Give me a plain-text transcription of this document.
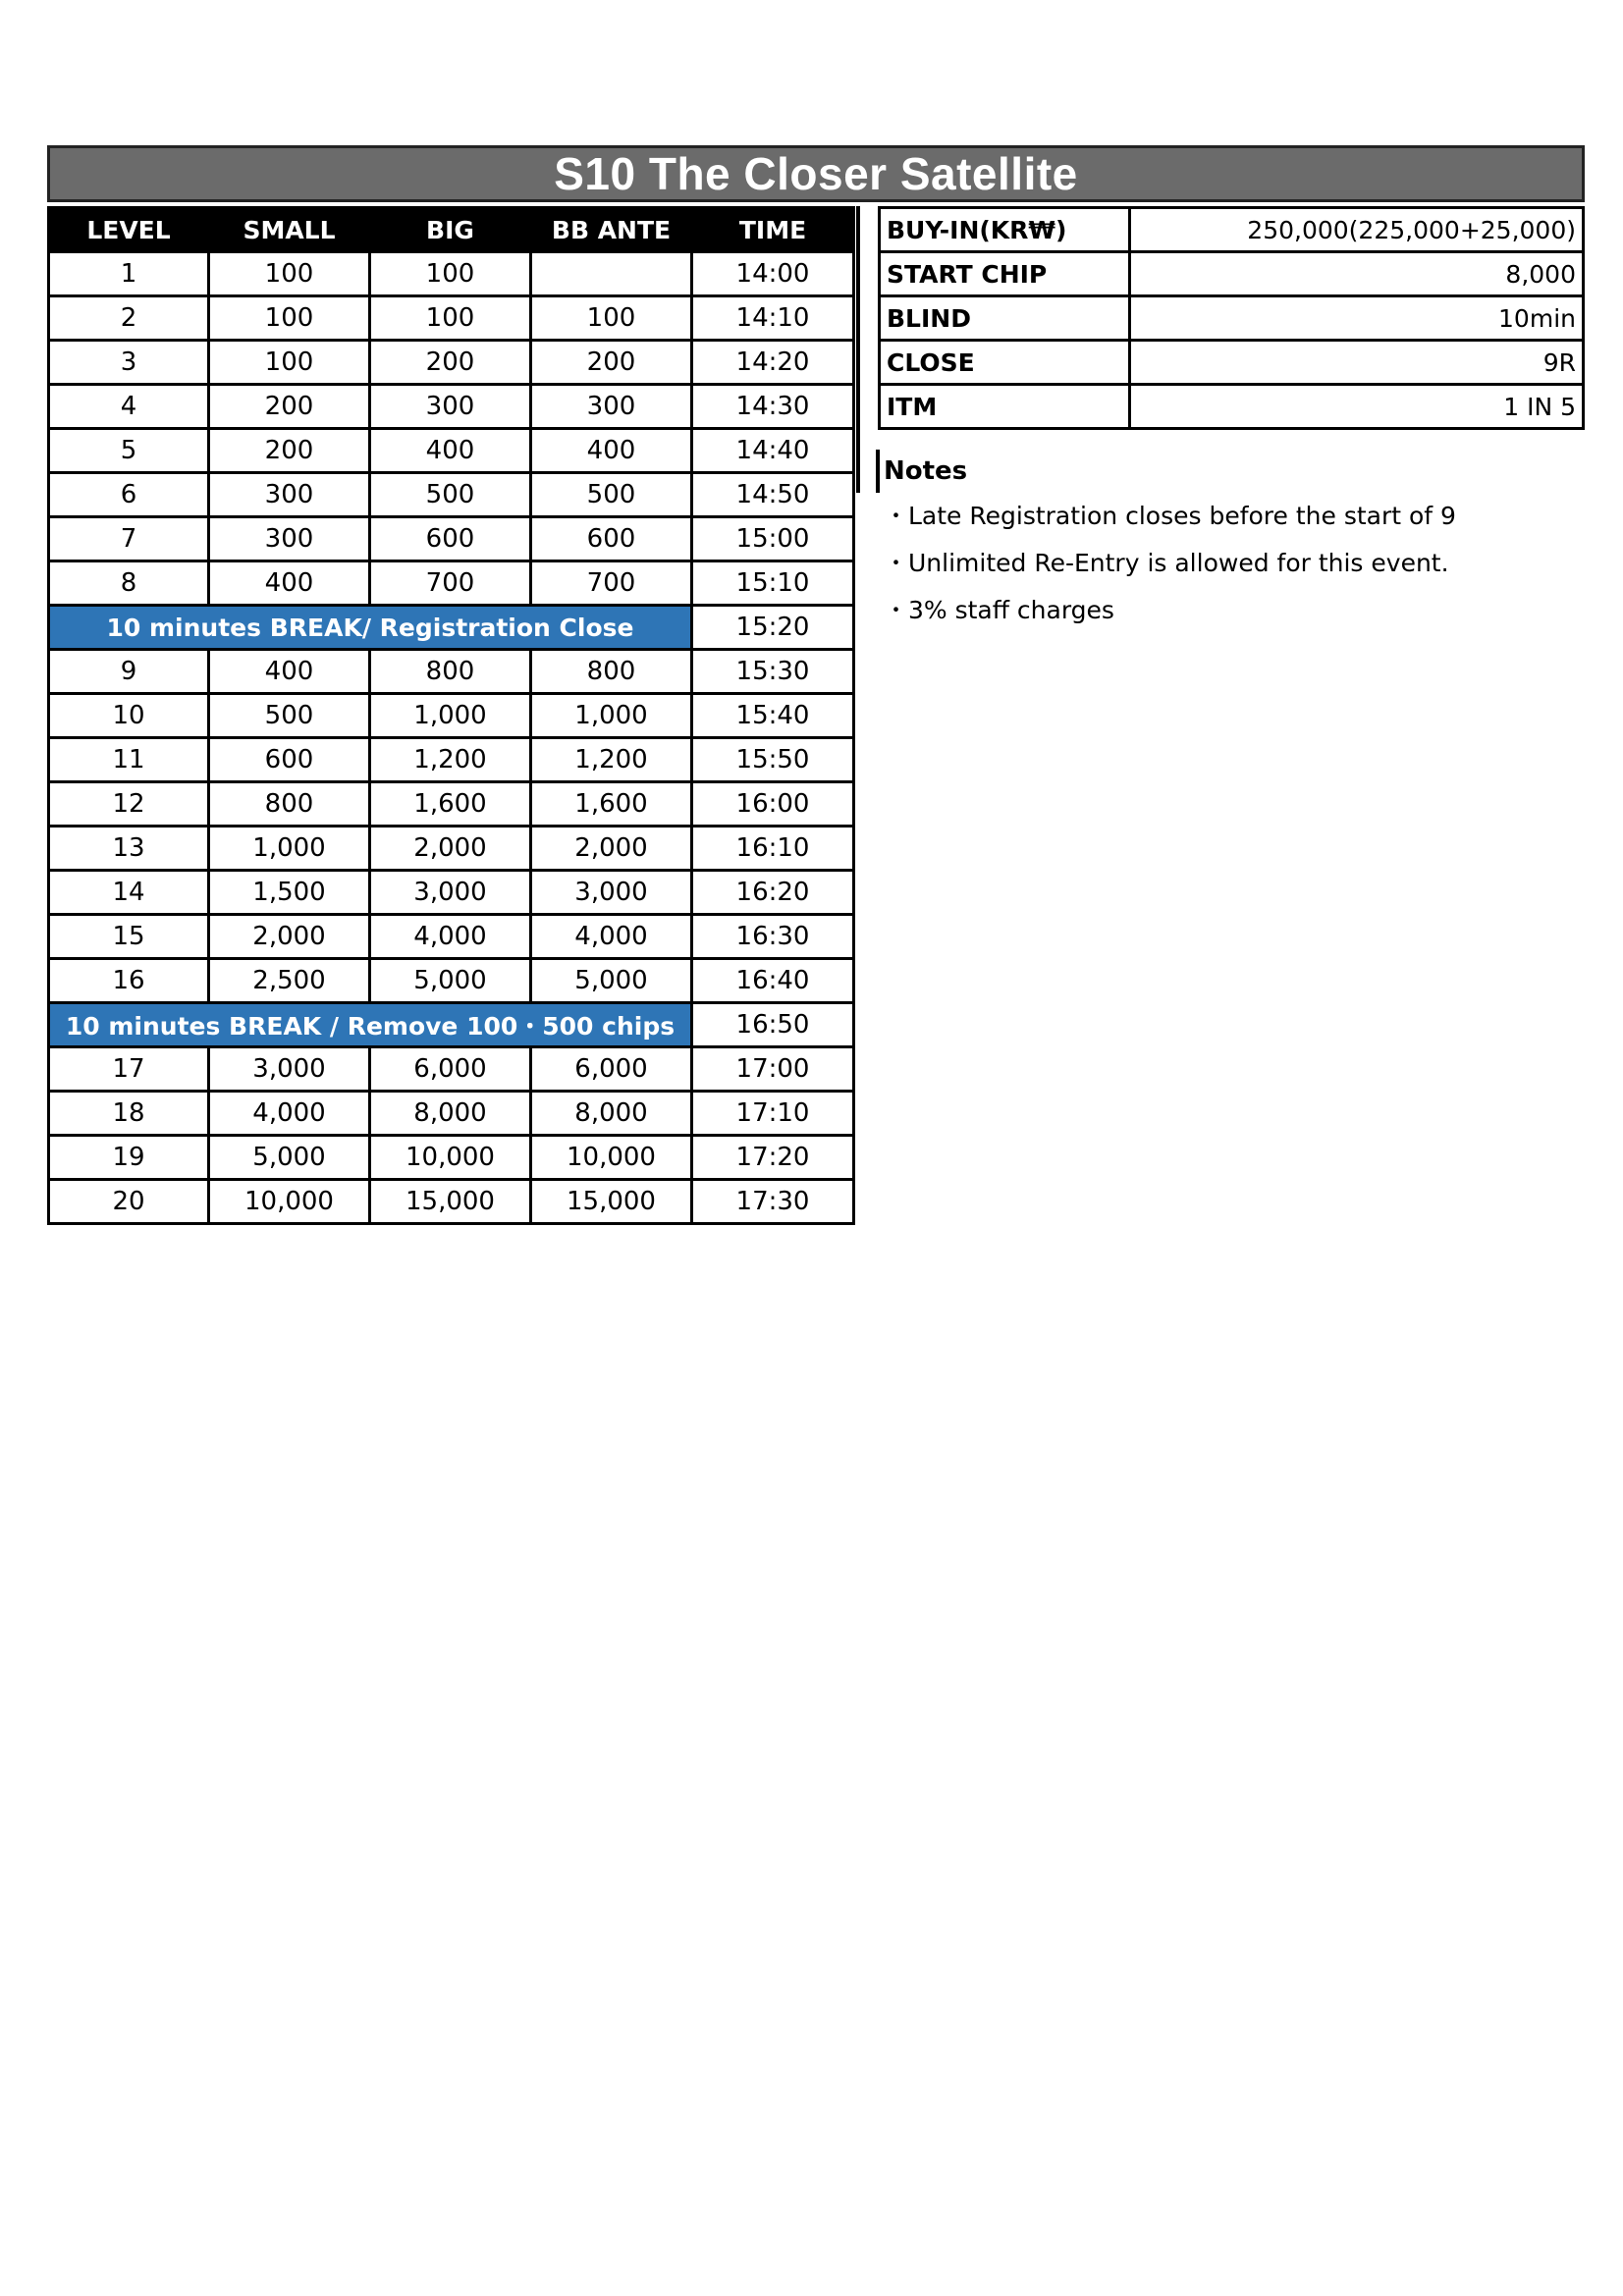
S10 The Closer Satellite
LEVEL	SMALL	BIG	BB ANTE	TIME
1	100	100		14:00
2	100	100	100	14:10
3	100	200	200	14:20
4	200	300	300	14:30
5	200	400	400	14:40
6	300	500	500	14:50
7	300	600	600	15:00
8	400	700	700	15:10
10 minutes BREAK/ Registration Close				15:20
9	400	800	800	15:30
10	500	1,000	1,000	15:40
11	600	1,200	1,200	15:50
12	800	1,600	1,600	16:00
13	1,000	2,000	2,000	16:10
14	1,500	3,000	3,000	16:20
15	2,000	4,000	4,000	16:30
16	2,500	5,000	5,000	16:40
10 minutes BREAK / Remove 100・500 chips				16:50
17	3,000	6,000	6,000	17:00
18	4,000	8,000	8,000	17:10
19	5,000	10,000	10,000	17:20
20	10,000	15,000	15,000	17:30
BUY-IN(KR₩)	250,000(225,000+25,000)
START CHIP	8,000
BLIND	10min
CLOSE	9R
ITM	1 IN 5
Notes
・Late Registration closes before the start of 9
・Unlimited Re-Entry is allowed for this event.
・3% staff charges
